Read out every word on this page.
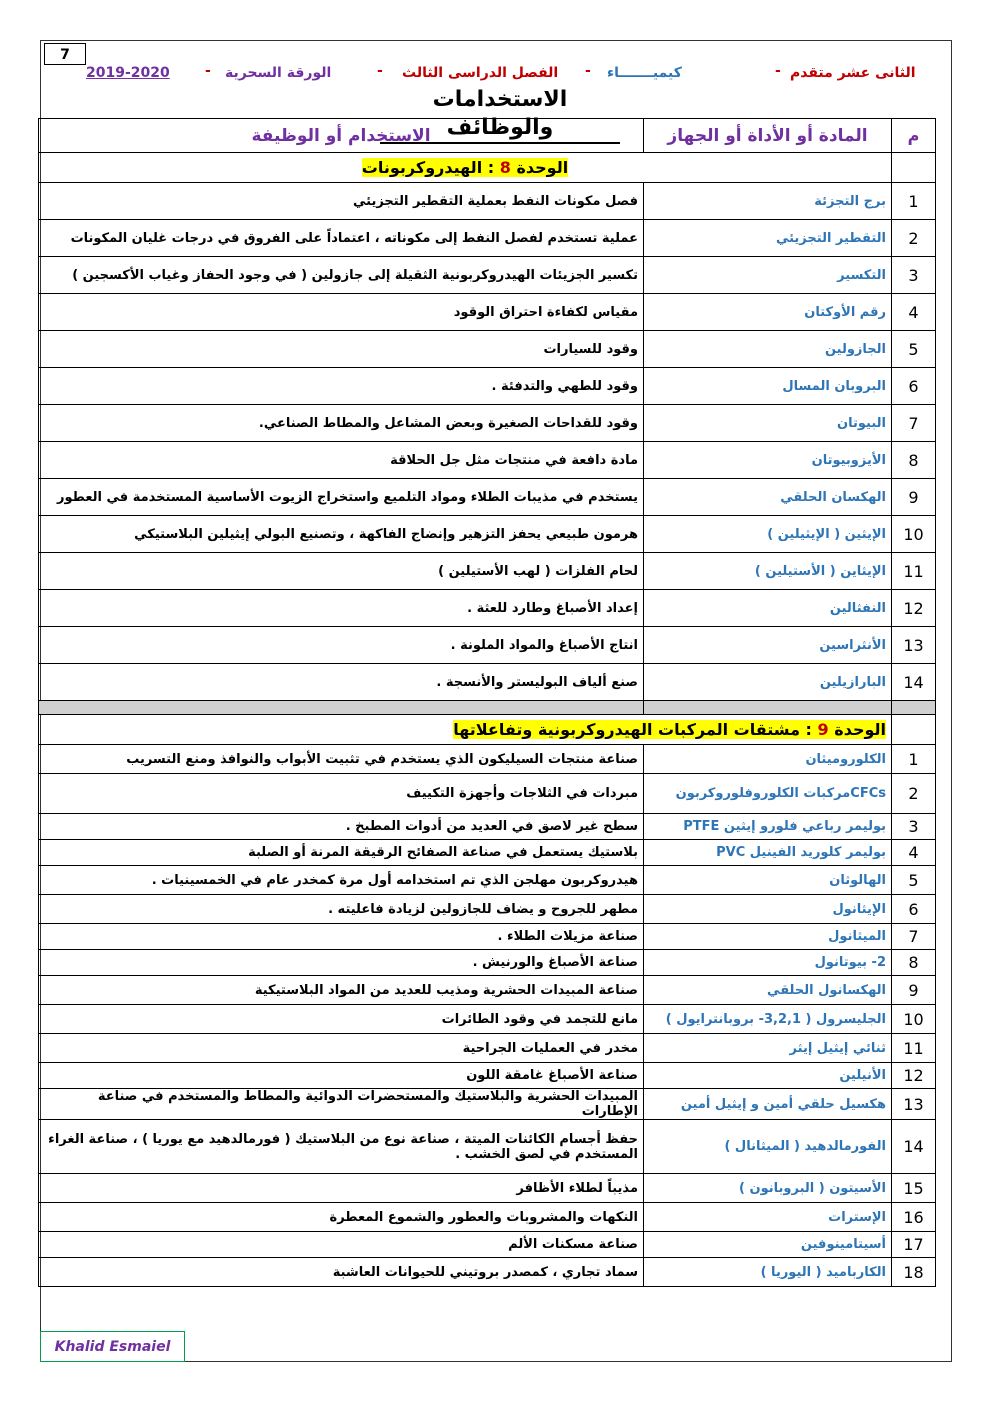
7
الثانى عشر متقدم
-
كيميـــــــاء
-
الفصل الدراسى الثالث
-
الورقة السحرية
-
2019-2020
الاستخدامات والوظائف	م	المادة أو الأداة أو الجهاز	الاستخدام أو الوظيفة
	الوحدة 8 : الهيدروكربونات	
1	برج التجزئة	فصل مكونات النفط بعملية التقطير التجزيئي
2	التقطير التجزيئي	عملية تستخدم لفصل النفط إلى مكوناته ، اعتماداً على الفروق في درجات غليان المكونات
3	التكسير	تكسير الجزيئات الهيدروكربونية الثقيلة إلى جازولين ( في وجود الحفاز وغياب الأكسجين )
4	رقم الأوكتان	مقياس لكفاءة احتراق الوقود
5	الجازولين	وقود للسيارات
6	البروبان المسال	وقود للطهي والتدفئة .
7	البيوتان	وقود للقداحات الصغيرة وبعض المشاعل والمطاط الصناعي.
8	الأيزوبيوتان	مادة دافعة في منتجات مثل جل الحلاقة
9	الهكسان الحلقي	يستخدم في مذيبات الطلاء ومواد التلميع واستخراج الزيوت الأساسية المستخدمة في العطور
10	الإيثين ( الإيثيلين )	هرمون طبيعي يحفز التزهير وإنضاج الفاكهة ، وتصنيع البولي إيثيلين البلاستيكي
11	الإيثاين ( الأستيلين )	لحام الفلزات ( لهب الأستيلين )
12	النفثالين	إعداد الأصباغ وطارد للعثة .
13	الأنثراسين	انتاج الأصباغ والمواد الملونة .
14	البارازيلين	صنع ألياف البوليستر والأنسجة .

	الوحدة 9 : مشتقات المركبات الهيدروكربونية وتفاعلاتها	
1	الكلوروميثان	صناعة منتجات السيليكون الذي يستخدم في تثبيت الأبواب والنوافذ ومنع التسريب
2	CFCsمركبات الكلوروفلوروكربون	مبردات في الثلاجات وأجهزة التكييف
3	بوليمر رباعي فلورو إيثين PTFE	سطح غير لاصق في العديد من أدوات المطبخ .
4	بوليمر كلوريد الفينيل PVC	بلاستيك يستعمل في صناعة الصفائح الرقيقة المرنة أو الصلبة
5	الهالوثان	هيدروكربون مهلجن الذي تم استخدامه أول مرة كمخدر عام في الخمسينيات .
6	الإيثانول	مطهر للجروح و يضاف للجازولين لزيادة فاعليته .
7	الميثانول	صناعة مزيلات الطلاء .
8	2- بيوتانول	صناعة الأصباغ والورنيش .
9	الهكسانول الحلقي	صناعة المبيدات الحشرية ومذيب للعديد من المواد البلاستيكية
10	الجليسرول ( 3,2,1- بروبانترايول )	مانع للتجمد في وقود الطائرات
11	ثنائي إيثيل إيثر	مخدر في العمليات الجراحية
12	الأنيلين	صناعة الأصباغ غامقة اللون
13	هكسيل حلقي أمين و إيثيل أمين	المبيدات الحشرية والبلاستيك والمستحضرات الدوائية والمطاط والمستخدم في صناعة الإطارات
14	الفورمالدهيد ( الميثانال )	حفظ أجسام الكائنات الميتة ، صناعة نوع من البلاستيك ( فورمالدهيد مع يوريا ) ، صناعة الغراء المستخدم في لصق الخشب .
15	الأسيتون ( البروبانون )	مذيباً لطلاء الأظافر
16	الإسترات	النكهات والمشروبات والعطور والشموع المعطرة
17	أسيتامينوفين	صناعة مسكنات الألم
18	الكارباميد ( اليوريا )	سماد تجاري ، كمصدر بروتيني للحيوانات العاشبة
Khalid Esmaiel
